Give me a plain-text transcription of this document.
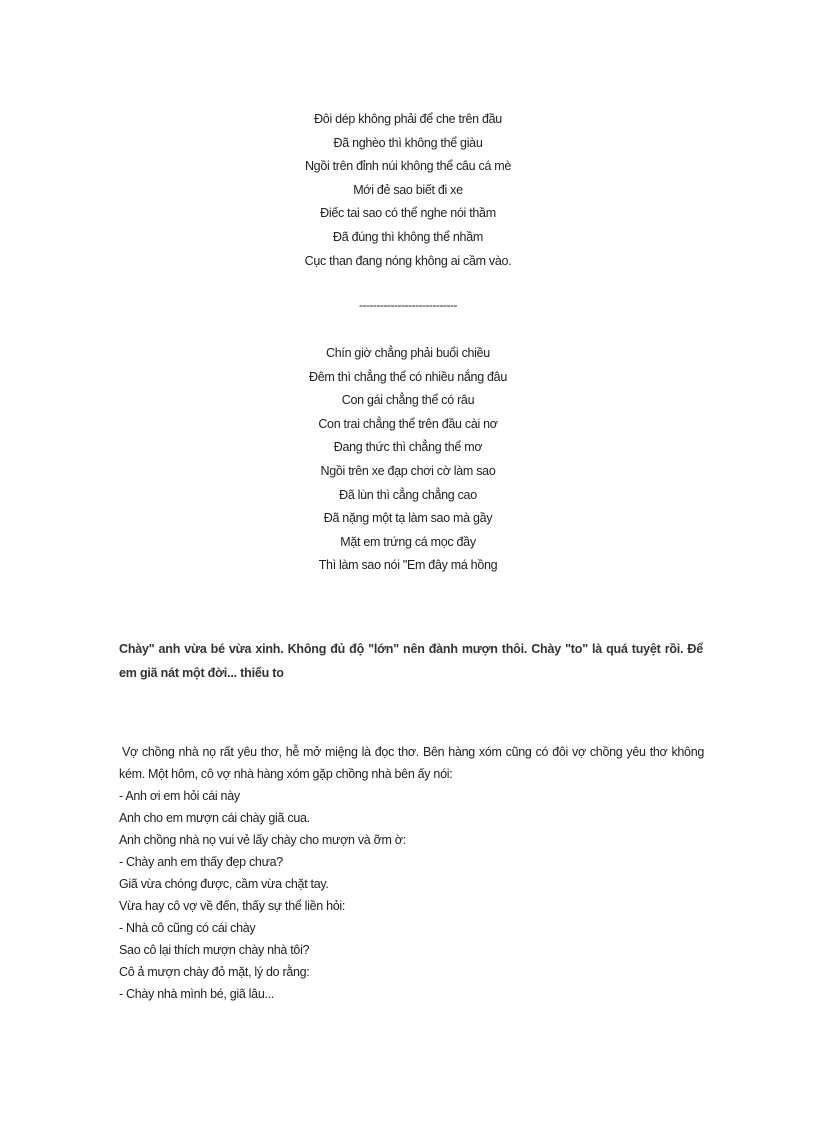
Đôi dép không phải để che trên đầu
Đã nghèo thì không thể giàu
Ngồi trên đỉnh núi không thể câu cá mè
Mới đẻ sao biết đi xe
Điếc tai sao có thể nghe nói thầm
Đã đúng thì không thể nhầm
Cục than đang nóng không ai cầm vào.
----------------------------
Chín giờ chẳng phải buổi chiều
Đêm thì chẳng thể có nhiều nắng đâu
Con gái chẳng thể có râu
Con trai chẳng thể trên đầu cài nơ
Đang thức thì chẳng thể mơ
Ngồi trên xe đạp chơi cờ làm sao
Đã lùn thì cẳng chẳng cao
Đã nặng một tạ làm sao mà gầy
Mặt em trứng cá mọc đầy
Thì làm sao nói "Em đây má hồng
Chày" anh vừa bé vừa xinh. Không đủ độ "lớn" nên đành mượn thôi. Chày "to" là quá tuyệt rồi. Để em giã nát một đời... thiếu to
Vợ chồng nhà nọ rất yêu thơ, hễ mở miệng là đọc thơ. Bên hàng xóm cũng có đôi vợ chồng yêu thơ không kém. Một hôm, cô vợ nhà hàng xóm gặp chồng nhà bên ấy nói:
- Anh ơi em hỏi cái này
Anh cho em mượn cái chày giã cua.
Anh chồng nhà nọ vui vẻ lấy chày cho mượn và ỡm ờ:
- Chày anh em thấy đẹp chưa?
Giã vừa chóng được, cầm vừa chặt tay.
Vừa hay cô vợ về đến, thấy sự thể liền hỏi:
- Nhà cô cũng có cái chày
Sao cô lại thích mượn chày nhà tôi?
Cô ả mượn chày đỏ mặt, lý do rằng:
- Chày nhà mình bé, giã lâu...
